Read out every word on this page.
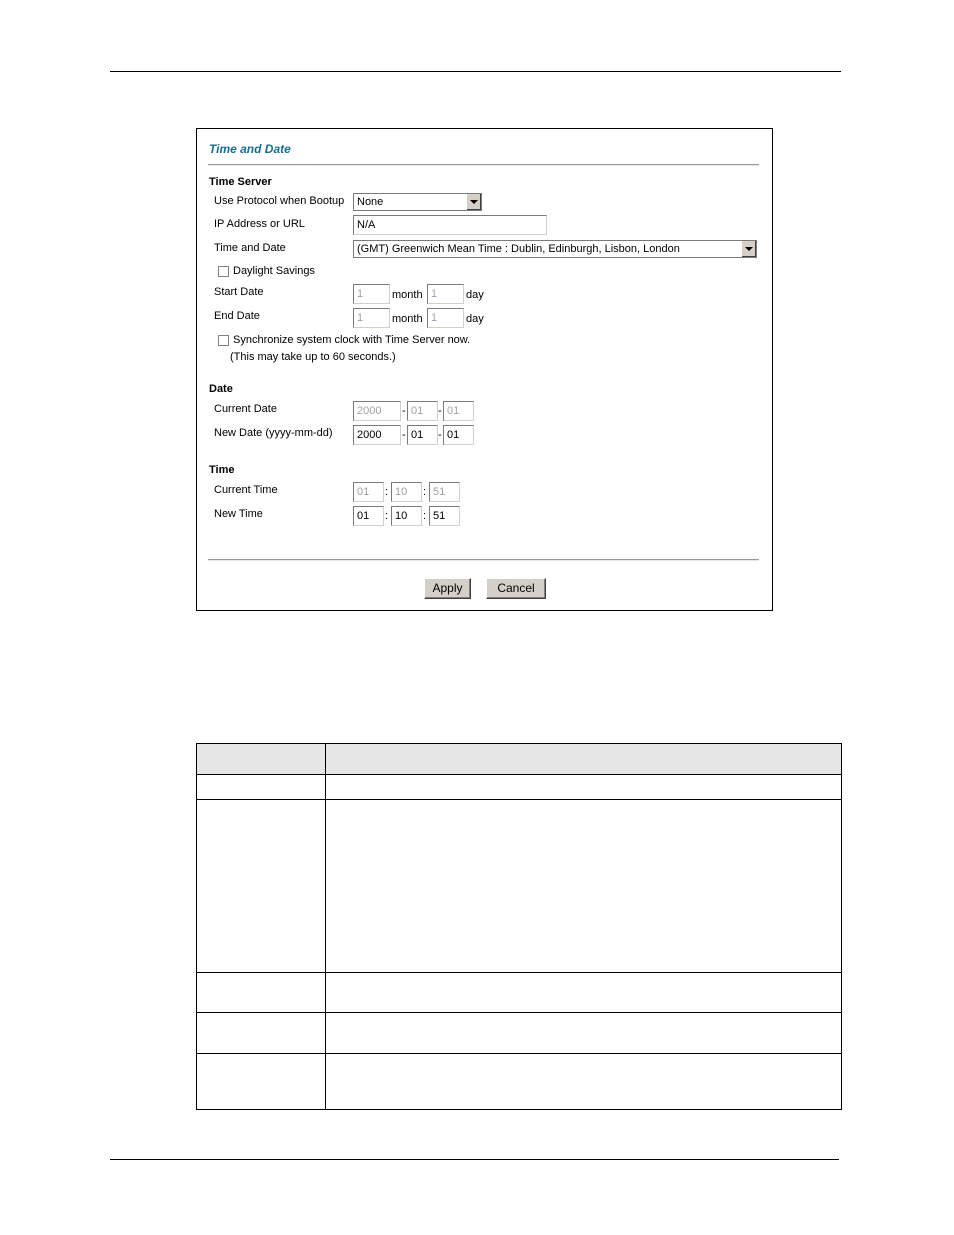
Time and Date
Time Server
Use Protocol when Bootup	None
IP Address or URL	N/A
Time and Date	(GMT) Greenwich Mean Time : Dublin, Edinburgh, Lisbon, London
Daylight Savings
Start Date	1	month 1	day
End Date	1	month 1	day
Synchronize system clock with Time Server now.
(This may take up to 60 seconds.)
Date
Current Date	2000	- 01	- 01
New Date (yyyy-mm-dd)	2000	- 01	- 01
Time
Current Time	01	: 10	: 51
New Time	01	: 10	: 51
Apply	Cancel
